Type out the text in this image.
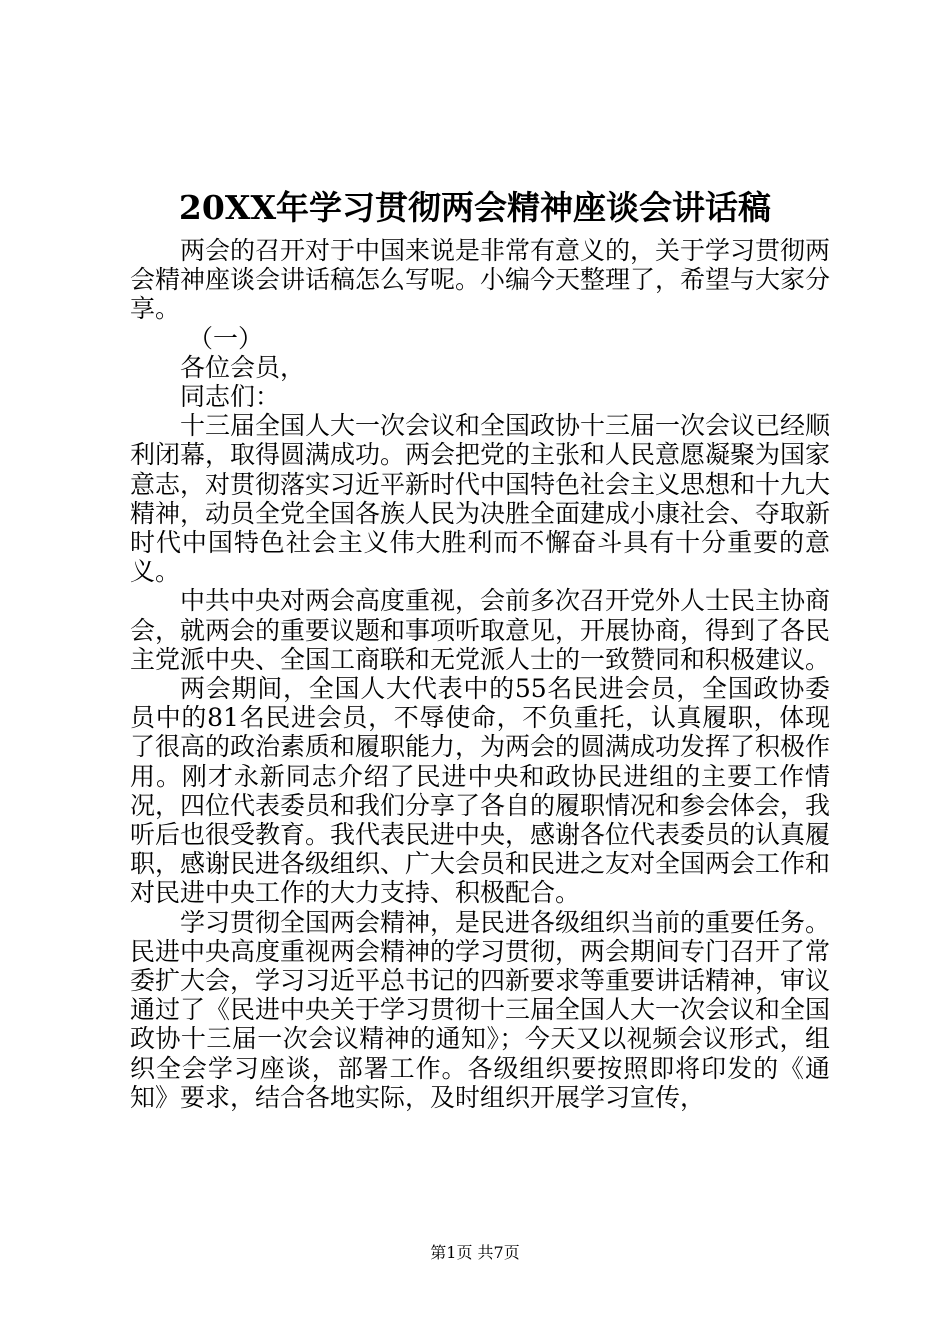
20XX年学习贯彻两会精神座谈会讲话稿

两会的召开对于中国来说是非常有意义的，关于学习贯彻两会精神座谈会讲话稿怎么写呢。小编今天整理了，希望与大家分享。

（一）

各位会员，

同志们：

十三届全国人大一次会议和全国政协十三届一次会议已经顺利闭幕，取得圆满成功。两会把党的主张和人民意愿凝聚为国家意志，对贯彻落实习近平新时代中国特色社会主义思想和十九大精神，动员全党全国各族人民为决胜全面建成小康社会、夺取新时代中国特色社会主义伟大胜利而不懈奋斗具有十分重要的意义。

中共中央对两会高度重视，会前多次召开党外人士民主协商会，就两会的重要议题和事项听取意见，开展协商，得到了各民主党派中央、全国工商联和无党派人士的一致赞同和积极建议。

两会期间，全国人大代表中的55名民进会员，全国政协委员中的81名民进会员，不辱使命，不负重托，认真履职，体现了很高的政治素质和履职能力，为两会的圆满成功发挥了积极作用。刚才永新同志介绍了民进中央和政协民进组的主要工作情况，四位代表委员和我们分享了各自的履职情况和参会体会，我听后也很受教育。我代表民进中央，感谢各位代表委员的认真履职，感谢民进各级组织、广大会员和民进之友对全国两会工作和对民进中央工作的大力支持、积极配合。

学习贯彻全国两会精神，是民进各级组织当前的重要任务。民进中央高度重视两会精神的学习贯彻，两会期间专门召开了常委扩大会，学习习近平总书记的四新要求等重要讲话精神，审议通过了《民进中央关于学习贯彻十三届全国人大一次会议和全国政协十三届一次会议精神的通知》；今天又以视频会议形式，组织全会学习座谈，部署工作。各级组织要按照即将印发的《通知》要求，结合各地实际，及时组织开展学习宣传，

第1页 共7页
